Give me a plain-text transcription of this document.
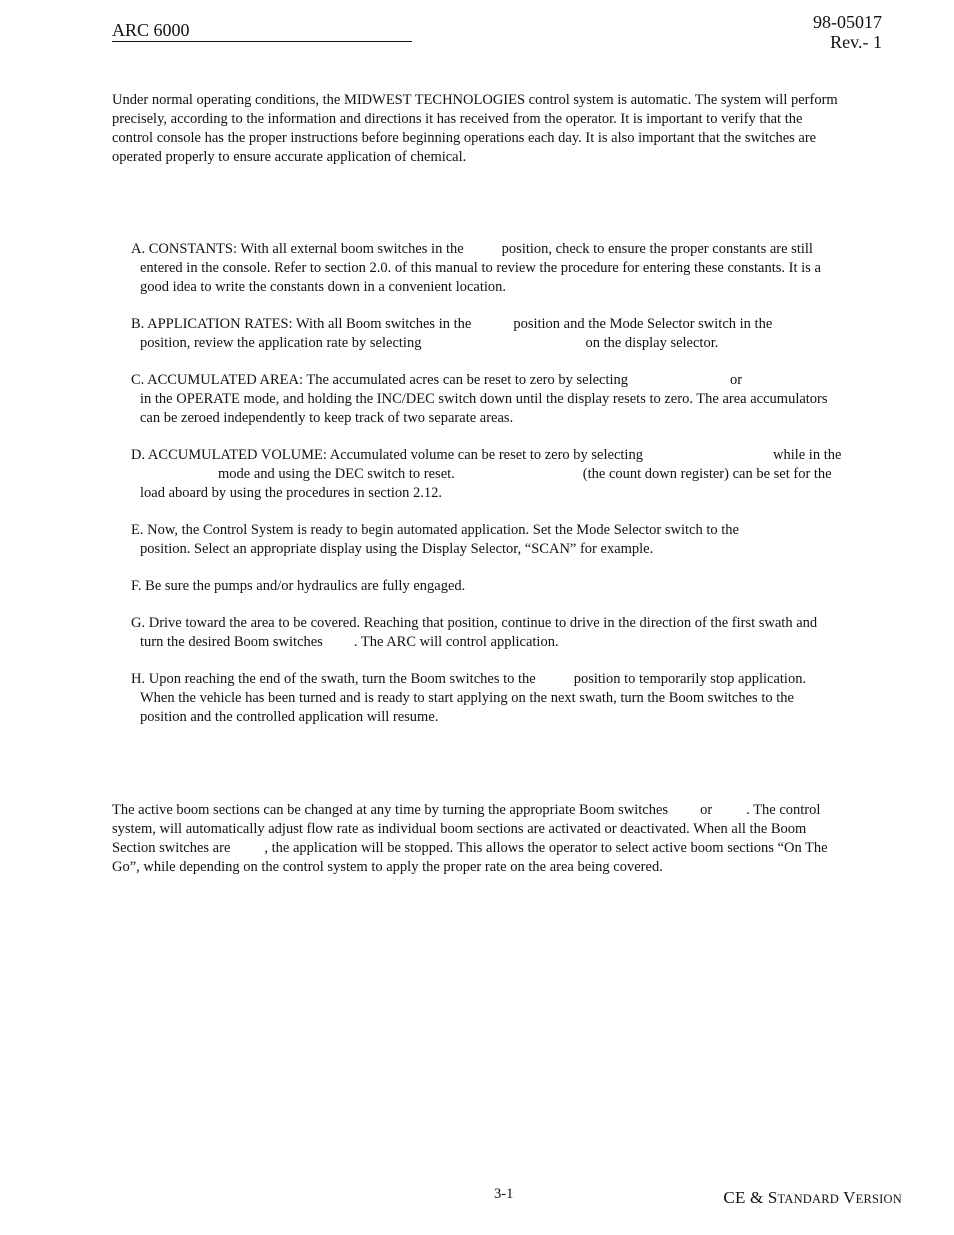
ARC 6000	98-05017
Rev.- 1
Under normal operating conditions, the MIDWEST TECHNOLOGIES control system is automatic. The system will perform
precisely, according to the information and directions it has received from the operator. It is important to verify that the
control console has the proper instructions before beginning operations each day. It is also important that the switches are
operated properly to ensure accurate application of chemical.
A. CONSTANTS: With all external boom switches in the	position, check to ensure the proper constants are still
entered in the console. Refer to section 2.0. of this manual to review the procedure for entering these constants. It is a
good idea to write the constants down in a convenient location.
B. APPLICATION RATES: With all Boom switches in the	position and the Mode Selector switch in the
position, review the application rate by selecting	on the display selector.
C. ACCUMULATED AREA: The accumulated acres can be reset to zero by selecting	or
in the OPERATE mode, and holding the INC/DEC switch down until the display resets to zero. The area accumulators
can be zeroed independently to keep track of two separate areas.
D. ACCUMULATED VOLUME: Accumulated volume can be reset to zero by selecting	while in the
mode and using the DEC switch to reset.	(the count down register) can be set for the
load aboard by using the procedures in section 2.12.
E. Now, the Control System is ready to begin automated application. Set the Mode Selector switch to the
position. Select an appropriate display using the Display Selector, “SCAN” for example.
F. Be sure the pumps and/or hydraulics are fully engaged.
G. Drive toward the area to be covered. Reaching that position, continue to drive in the direction of the first swath and
turn the desired Boom switches . The ARC will control application.
H. Upon reaching the end of the swath, turn the Boom switches to the	position to temporarily stop application.
When the vehicle has been turned and is ready to start applying on the next swath, turn the Boom switches to the
position and the controlled application will resume.
The active boom sections can be changed at any time by turning the appropriate Boom switches or . The control
system, will automatically adjust flow rate as individual boom sections are activated or deactivated. When all the Boom
Section switches are , the application will be stopped. This allows the operator to select active boom sections “On The
Go”, while depending on the control system to apply the proper rate on the area being covered.
3-1	CE & STANDARD VERSION
